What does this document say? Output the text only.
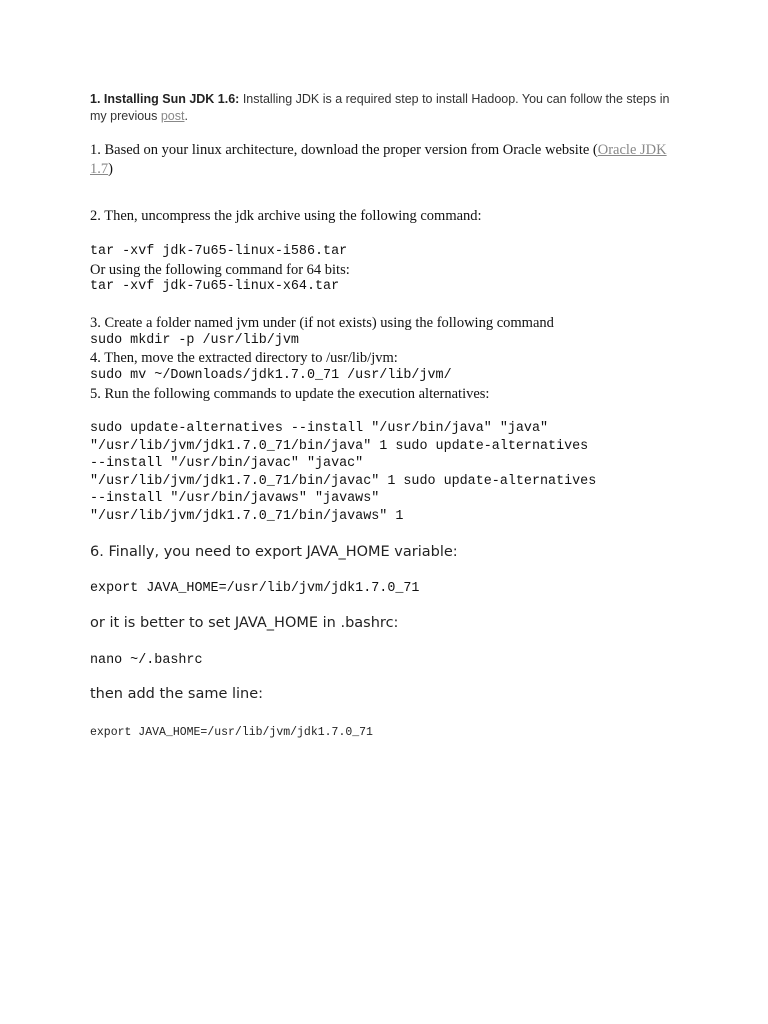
1. Installing Sun JDK 1.6: Installing JDK is a required step to install Hadoop. You can follow the steps in my previous post.

1. Based on your linux architecture, download the proper version from Oracle website (Oracle JDK 1.7)

2. Then, uncompress the jdk archive using the following command:

tar -xvf jdk-7u65-linux-i586.tar

Or using the following command for 64 bits:

tar -xvf jdk-7u65-linux-x64.tar

3. Create a folder named jvm under (if not exists) using the following command

sudo mkdir -p /usr/lib/jvm

4. Then, move the extracted directory to /usr/lib/jvm:

sudo mv ~/Downloads/jdk1.7.0_71 /usr/lib/jvm/

5. Run the following commands to update the execution alternatives:

sudo update-alternatives --install "/usr/bin/java" "java"
"/usr/lib/jvm/jdk1.7.0_71/bin/java" 1 sudo update-alternatives
--install "/usr/bin/javac" "javac"
"/usr/lib/jvm/jdk1.7.0_71/bin/javac" 1 sudo update-alternatives
--install "/usr/bin/javaws" "javaws"
"/usr/lib/jvm/jdk1.7.0_71/bin/javaws" 1

6. Finally, you need to export JAVA_HOME variable:

export JAVA_HOME=/usr/lib/jvm/jdk1.7.0_71

or it is better to set JAVA_HOME in .bashrc:

nano ~/.bashrc

then add the same line:

export JAVA_HOME=/usr/lib/jvm/jdk1.7.0_71
